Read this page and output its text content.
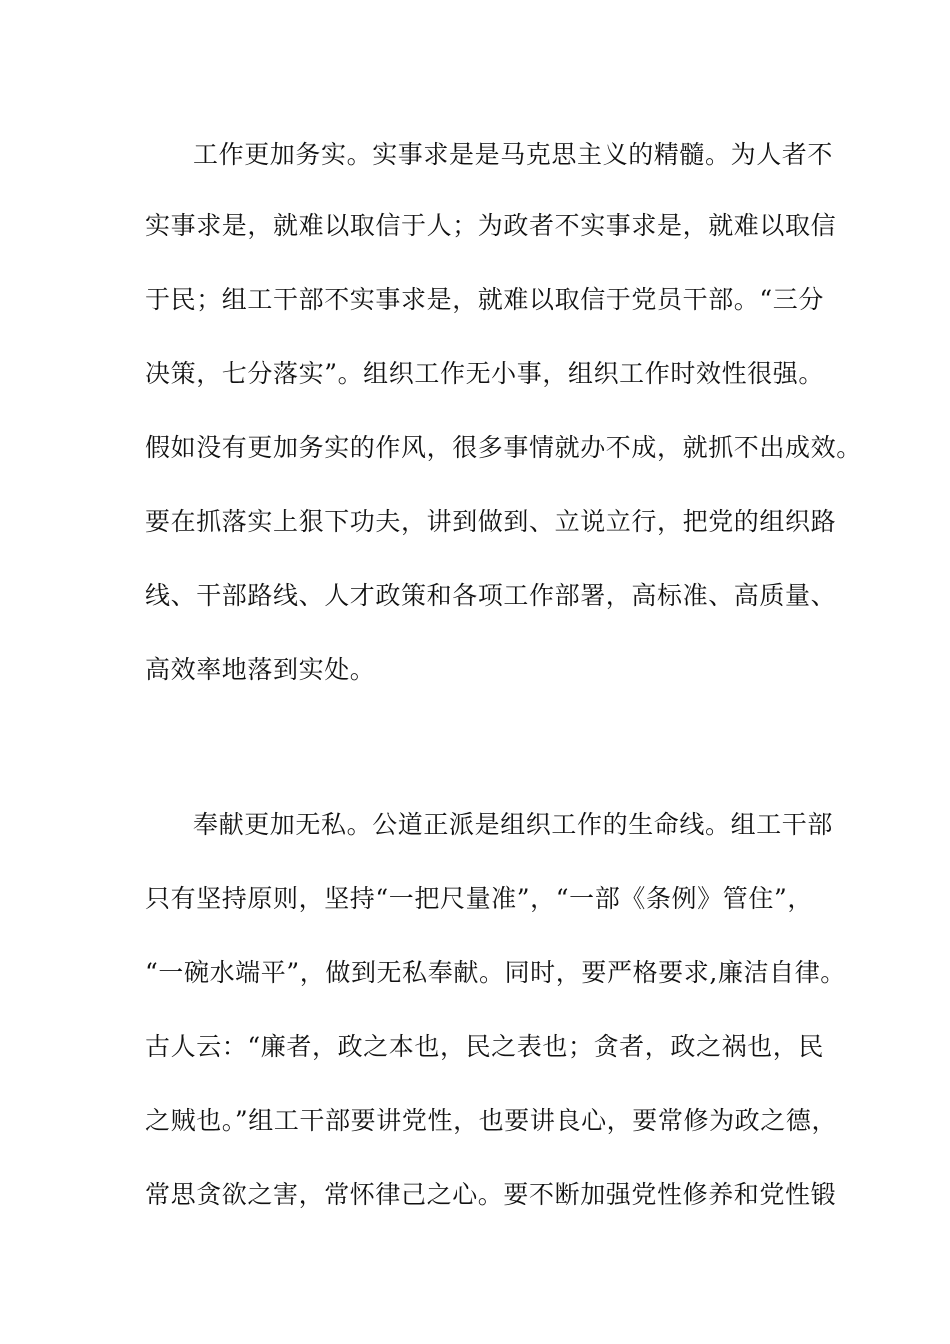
工作更加务实。实事求是是马克思主义的精髓。为人者不
实事求是，就难以取信于人；为政者不实事求是，就难以取信
于民；组工干部不实事求是，就难以取信于党员干部。“三分
决策，七分落实”。组织工作无小事，组织工作时效性很强。
假如没有更加务实的作风，很多事情就办不成，就抓不出成效。
要在抓落实上狠下功夫，讲到做到、立说立行，把党的组织路
线、干部路线、人才政策和各项工作部署，高标准、高质量、
高效率地落到实处。
奉献更加无私。公道正派是组织工作的生命线。组工干部
只有坚持原则，坚持“一把尺量准”，“一部《条例》管住”，
“一碗水端平”，做到无私奉献。同时，要严格要求,廉洁自律。
古人云：“廉者，政之本也，民之表也；贪者，政之祸也，民
之贼也。”组工干部要讲党性，也要讲良心，要常修为政之德，
常思贪欲之害，常怀律己之心。要不断加强党性修养和党性锻
